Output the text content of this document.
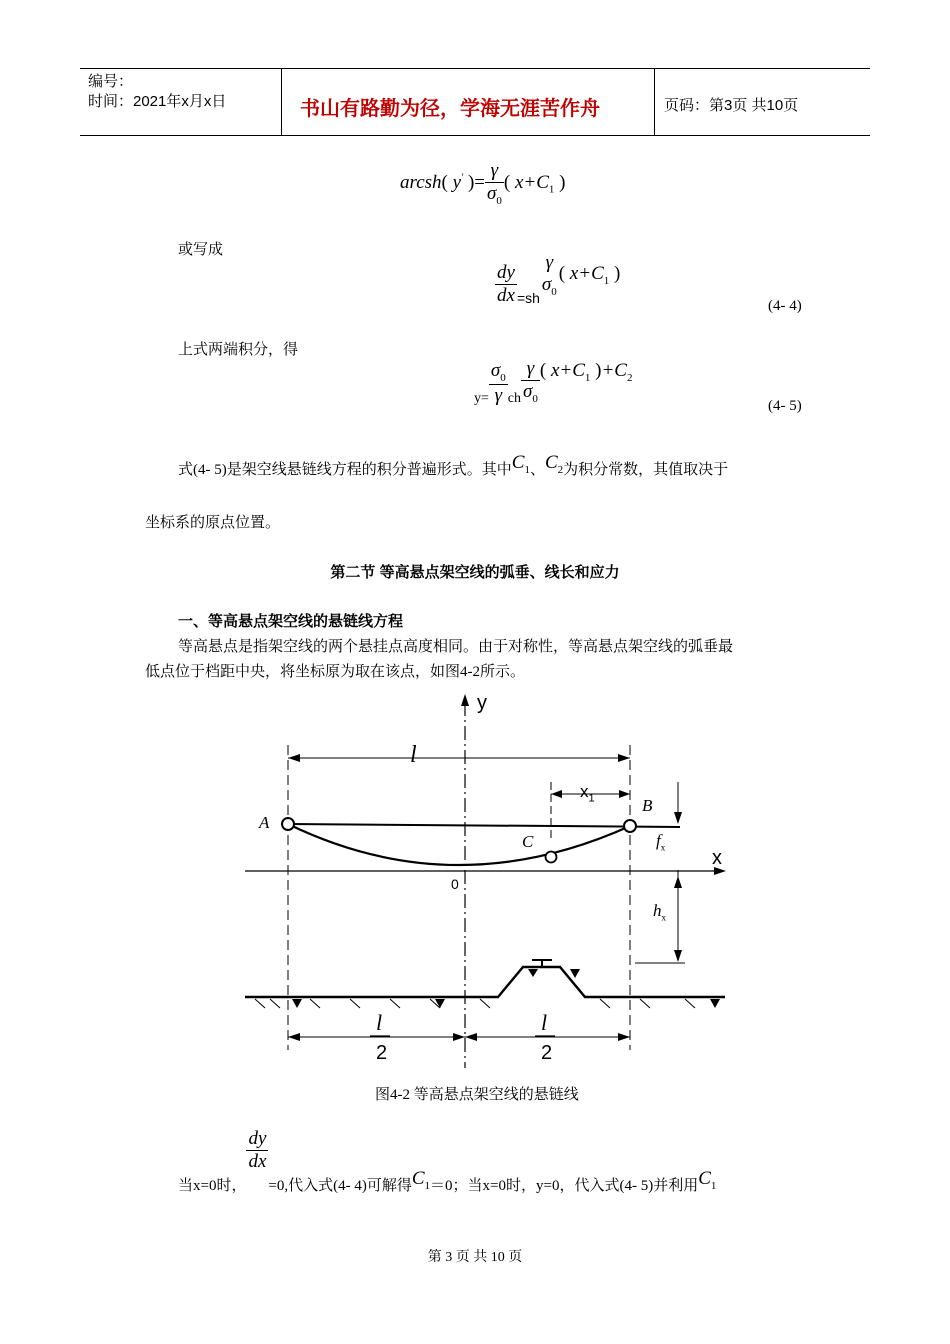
编号：
时间：2021年x月x日	书山有路勤为径，学海无涯苦作舟	页码：第3页 共10页
arcsh( y' )= $\frac{\gamma}{\sigma_0}$ ( $x+C_1$ )
或写成
$\frac{dy}{dx} _{=sh}$
γ
$\sigma_0$
( $x+C_1$ )
(4- 4)
上式两端积分，得
$_{y=} \frac{\sigma_0}{\gamma} _{ch} \frac{\gamma}{\sigma_0}$ ( $x+C_1$ )$+C_2$
(4- 5)
式(4- 5)是架空线悬链线方程的积分普遍形式。其中$C_1$、$C_2$为积分常数，其值取决于
坐标系的原点位置。
第二节 等高悬点架空线的弧垂、线长和应力
一、等高悬点架空线的悬链线方程
等高悬点是指架空线的两个悬挂点高度相同。由于对称性，等高悬点架空线的弧垂最
低点位于档距中央，将坐标原为取在该点，如图4-2所示。
y
x
l
$x_1$
A
B
C
0
$f_x$
$h_x$
l
2
l
2
图4-2 等高悬点架空线的悬链线
当x=0时，
$\frac{dy}{dx}$
=0,代入式(4- 4)可解得$C_1=0$；当x=0时，y=0，代入式(4- 5)并利用$C_1$
第 3 页 共 10 页
